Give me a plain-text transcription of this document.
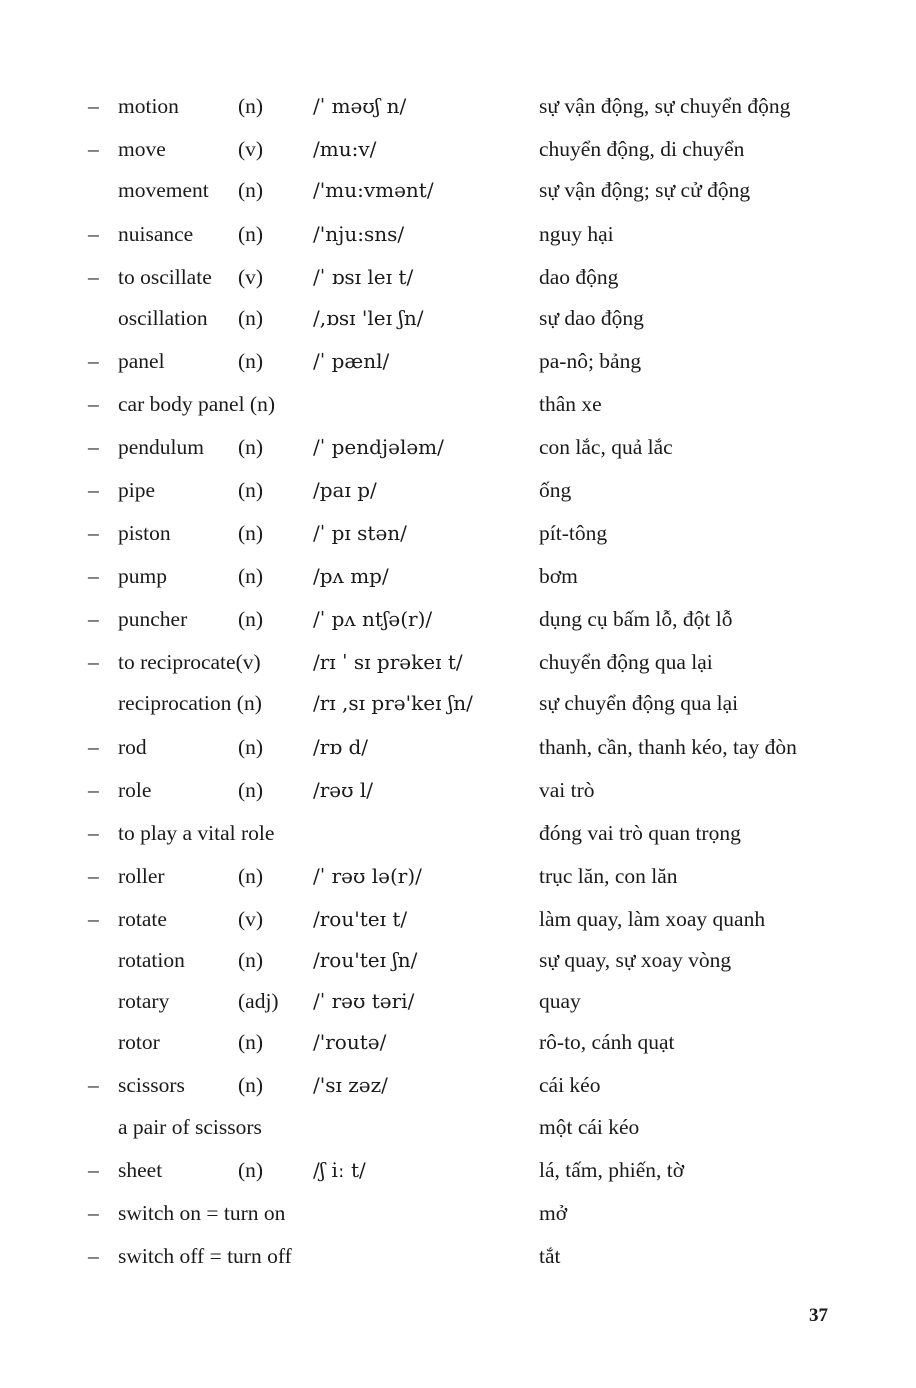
– motion	(n) /ˈ məʊʃ n/	sự vận động, sự chuyển động
– move	(v) /mu:v/	chuyển động, di chuyển
movement (n) /'mu:vmənt/	sự vận động; sự cử động
– nuisance (n) /'nju:sns/	nguy hại
– to oscillate (v) /ˈ ɒsɪ leɪ t/	dao động
oscillation (n) /,ɒsɪ 'leɪ ʃn/	sự dao động
– panel	(n) /ˈ pænl/	pa-nô; bảng
– car body panel (n)	thân xe
– pendulum (n) /ˈ pendjələm/	con lắc, quả lắc
– pipe	(n) /paɪ p/	ống
– piston	(n) /ˈ pɪ stən/	pít-tông
– pump	(n) /pʌ mp/	bơm
– puncher (n) /ˈ pʌ ntʃə(r)/	dụng cụ bấm lỗ, đột lỗ
– to reciprocate(v)	/rɪ ˈ sɪ prəkeɪ t/	chuyển động qua lại
reciprocation (n)	/rɪ ,sɪ prə'keɪ ʃn/	sự chuyển động qua lại
– rod	(n) /rɒ d/	thanh, cần, thanh kéo, tay đòn
– role	(n) /rəʊ l/	vai trò
– to play a vital role	đóng vai trò quan trọng
– roller	(n) /ˈ rəʊ lə(r)/	trục lăn, con lăn
– rotate	(v) /rou'teɪ t/	làm quay, làm xoay quanh
rotation (n) /rou'teɪ ʃn/	sự quay, sự xoay vòng
rotary	(adj) /ˈ rəʊ təri/	quay
rotor	(n) /'routə/	rô-to, cánh quạt
– scissors (n) /'sɪ zəz/	cái kéo
a pair of scissors	một cái kéo
– sheet	(n) /ʃ iː t/	lá, tấm, phiến, tờ
– switch on = turn on	mở
– switch off = turn off	tắt
37
